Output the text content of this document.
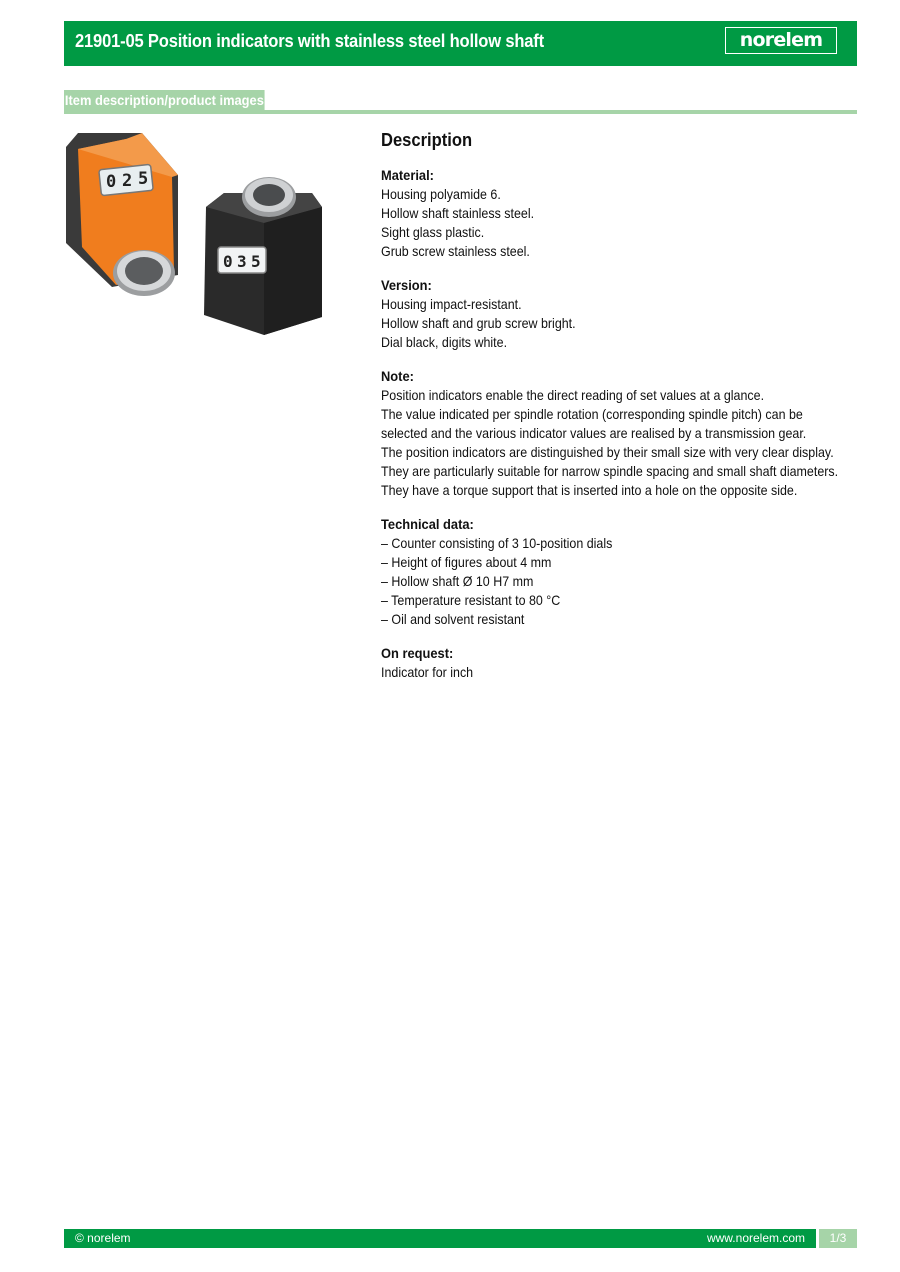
21901-05 Position indicators with stainless steel hollow shaft	norelem
Item description/product images
0 2 5
0 3 5
Description
Material:
Housing polyamide 6.
Hollow shaft stainless steel.
Sight glass plastic.
Grub screw stainless steel.
Version:
Housing impact-resistant.
Hollow shaft and grub screw bright.
Dial black, digits white.
Note:
Position indicators enable the direct reading of set values at a glance.
The value indicated per spindle rotation (corresponding spindle pitch) can be
selected and the various indicator values are realised by a transmission gear.
The position indicators are distinguished by their small size with very clear display.
They are particularly suitable for narrow spindle spacing and small shaft diameters.
They have a torque support that is inserted into a hole on the opposite side.
Technical data:
– Counter consisting of 3 10-position dials
– Height of figures about 4 mm
– Hollow shaft Ø 10 H7 mm
– Temperature resistant to 80 °C
– Oil and solvent resistant
On request:
Indicator for inch
© norelem	www.norelem.com	1/3
